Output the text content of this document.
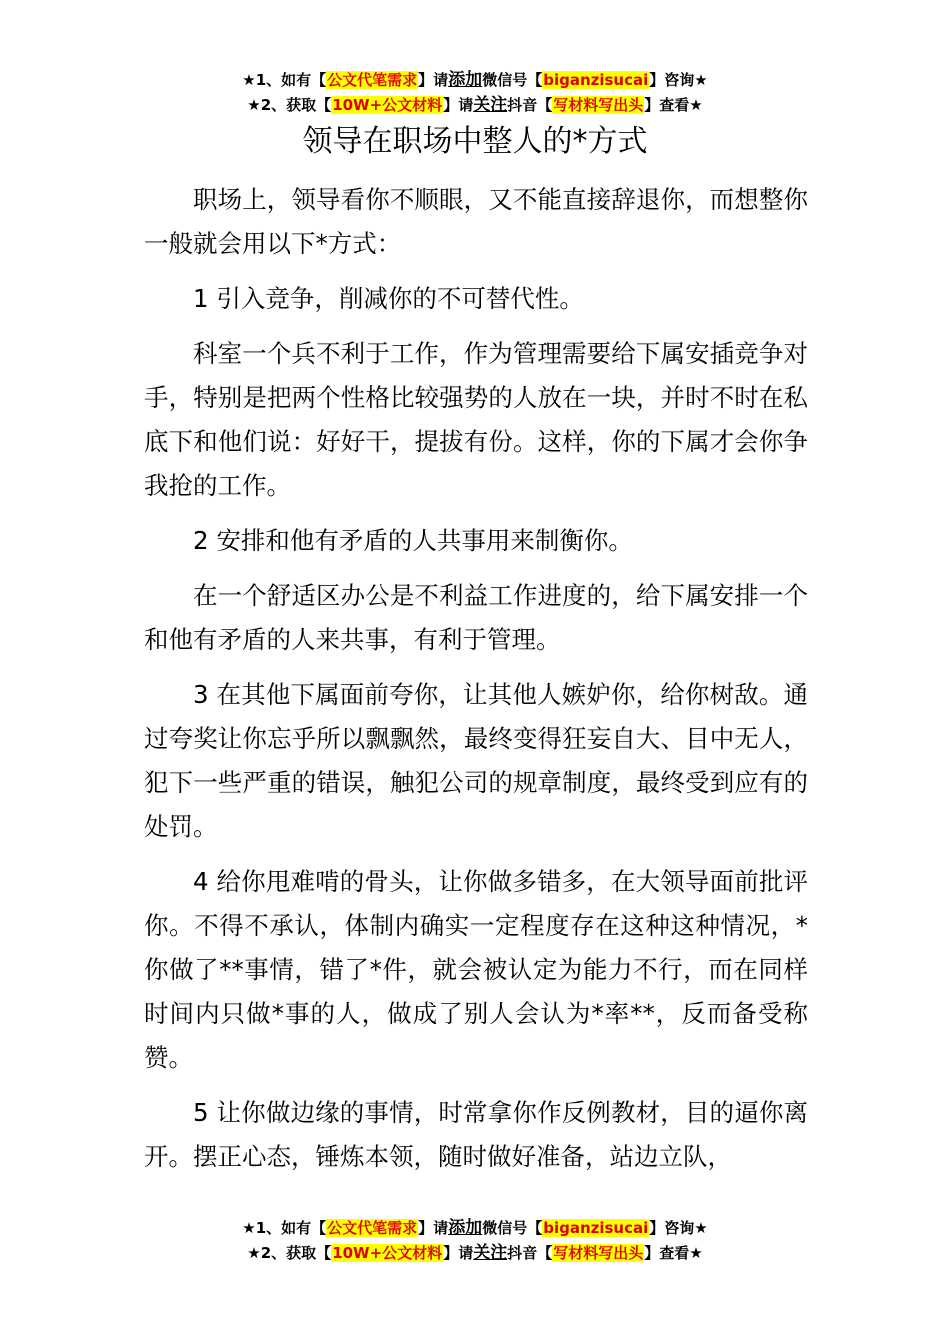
★1、如有【公文代笔需求】请添加微信号【biganzisucai】咨询★
★2、获取【10W+公文材料】请关注抖音【写材料写出头】查看★
领导在职场中整人的*方式

职场上，领导看你不顺眼，又不能直接辞退你，而想整你一般就会用以下*方式：

1 引入竞争，削减你的不可替代性。

科室一个兵不利于工作，作为管理需要给下属安插竞争对手，特别是把两个性格比较强势的人放在一块，并时不时在私底下和他们说：好好干，提拔有份。这样，你的下属才会你争我抢的工作。

2 安排和他有矛盾的人共事用来制衡你。

在一个舒适区办公是不利益工作进度的，给下属安排一个和他有矛盾的人来共事，有利于管理。

3 在其他下属面前夸你，让其他人嫉妒你，给你树敌。通过夸奖让你忘乎所以飘飘然，最终变得狂妄自大、目中无人，犯下一些严重的错误，触犯公司的规章制度，最终受到应有的处罚。

4 给你甩难啃的骨头，让你做多错多，在大领导面前批评你。不得不承认，体制内确实一定程度存在这种这种情况，*你做了**事情，错了*件，就会被认定为能力不行，而在同样时间内只做*事的人，做成了别人会认为*率**，反而备受称赞。

5 让你做边缘的事情，时常拿你作反例教材，目的逼你离开。摆正心态，锤炼本领，随时做好准备，站边立队，

★1、如有【公文代笔需求】请添加微信号【biganzisucai】咨询★
★2、获取【10W+公文材料】请关注抖音【写材料写出头】查看★
